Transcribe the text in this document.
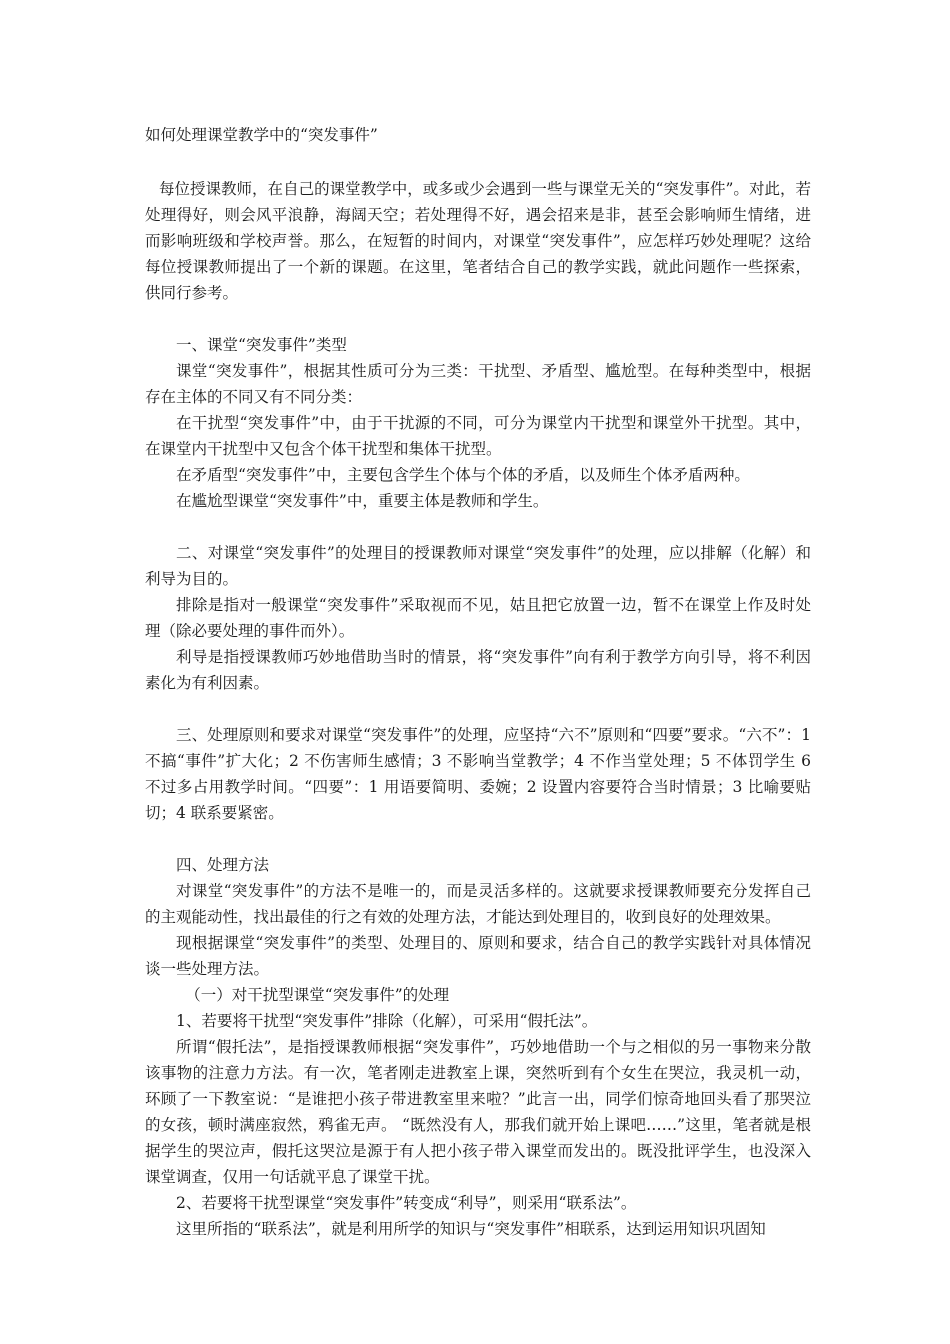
如何处理课堂教学中的“突发事件”

每位授课教师，在自己的课堂教学中，或多或少会遇到一些与课堂无关的“突发事件”。对此，若处理得好，则会风平浪静，海阔天空；若处理得不好，遇会招来是非，甚至会影响师生情绪，进而影响班级和学校声誉。那么，在短暂的时间内，对课堂“突发事件”，应怎样巧妙处理呢？这给每位授课教师提出了一个新的课题。在这里，笔者结合自己的教学实践，就此问题作一些探索，供同行参考。

一、课堂“突发事件”类型

课堂“突发事件”，根据其性质可分为三类：干扰型、矛盾型、尴尬型。在每种类型中，根据存在主体的不同又有不同分类：

在干扰型“突发事件”中，由于干扰源的不同，可分为课堂内干扰型和课堂外干扰型。其中，在课堂内干扰型中又包含个体干扰型和集体干扰型。

在矛盾型“突发事件”中，主要包含学生个体与个体的矛盾，以及师生个体矛盾两种。

在尴尬型课堂“突发事件”中，重要主体是教师和学生。

二、对课堂“突发事件”的处理目的授课教师对课堂“突发事件”的处理，应以排解（化解）和利导为目的。

排除是指对一般课堂“突发事件”采取视而不见，姑且把它放置一边，暂不在课堂上作及时处理（除必要处理的事件而外）。

利导是指授课教师巧妙地借助当时的情景，将“突发事件”向有利于教学方向引导，将不利因素化为有利因素。

三、处理原则和要求对课堂“突发事件”的处理，应坚持“六不”原则和“四要”要求。“六不”：1 不搞“事件”扩大化；2 不伤害师生感情；3 不影响当堂教学；4 不作当堂处理；5 不体罚学生 6 不过多占用教学时间。“四要”：1 用语要简明、委婉；2 设置内容要符合当时情景；3 比喻要贴切；4 联系要紧密。

四、处理方法

对课堂“突发事件”的方法不是唯一的，而是灵活多样的。这就要求授课教师要充分发挥自己的主观能动性，找出最佳的行之有效的处理方法，才能达到处理目的，收到良好的处理效果。

现根据课堂“突发事件”的类型、处理目的、原则和要求，结合自己的教学实践针对具体情况谈一些处理方法。

（一）对干扰型课堂“突发事件”的处理

1、若要将干扰型“突发事件”排除（化解），可采用“假托法”。

所谓“假托法”，是指授课教师根据“突发事件”，巧妙地借助一个与之相似的另一事物来分散该事物的注意力方法。有一次，笔者刚走进教室上课，突然听到有个女生在哭泣，我灵机一动，环顾了一下教室说：“是谁把小孩子带进教室里来啦？”此言一出，同学们惊奇地回头看了那哭泣的女孩，顿时满座寂然，鸦雀无声。 “既然没有人，那我们就开始上课吧……”这里，笔者就是根据学生的哭泣声，假托这哭泣是源于有人把小孩子带入课堂而发出的。既没批评学生，也没深入课堂调查，仅用一句话就平息了课堂干扰。

2、若要将干扰型课堂“突发事件”转变成“利导”，则采用“联系法”。

这里所指的“联系法”，就是利用所学的知识与“突发事件”相联系，达到运用知识巩固知
